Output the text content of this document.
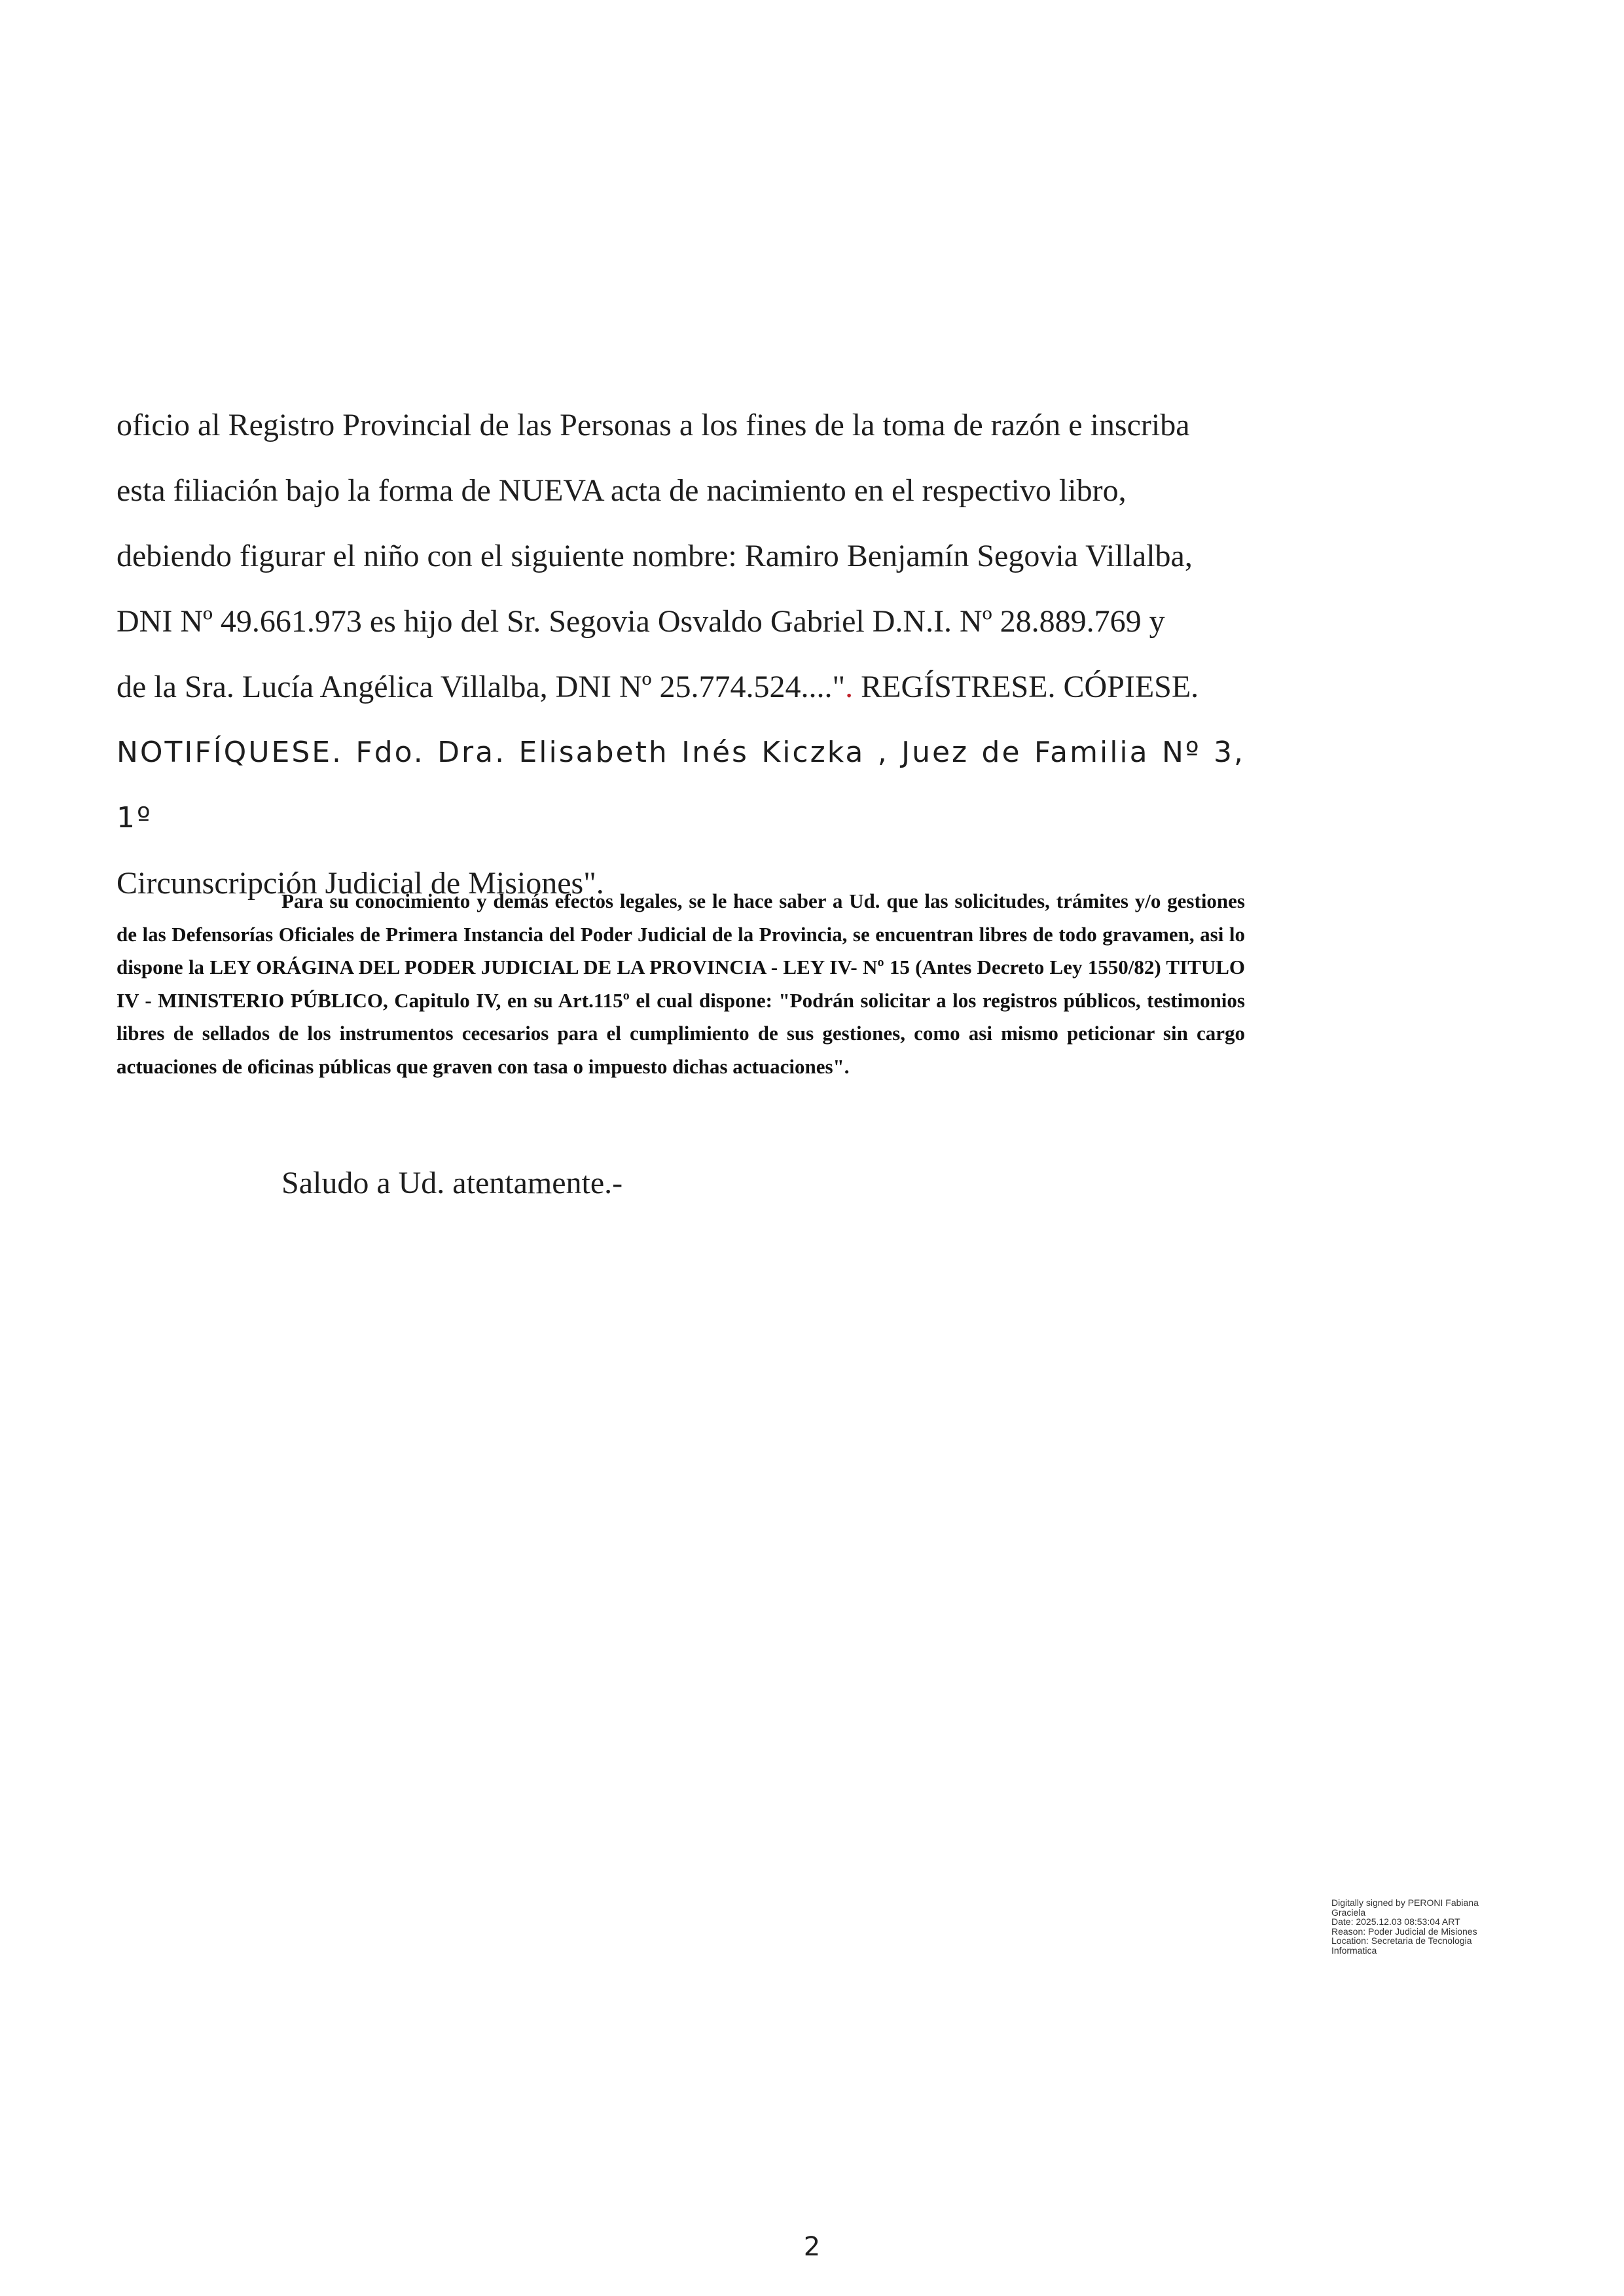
oficio al Registro Provincial de las Personas a los fines de la toma de razón e inscriba

esta filiación bajo la forma de NUEVA acta de nacimiento en el respectivo libro,

debiendo figurar el niño con el siguiente nombre: Ramiro Benjamín Segovia Villalba,

DNI Nº 49.661.973 es hijo del Sr. Segovia Osvaldo Gabriel D.N.I. Nº 28.889.769 y

de la Sra. Lucía Angélica Villalba, DNI Nº 25.774.524....". REGÍSTRESE. CÓPIESE.

NOTIFÍQUESE. Fdo. Dra. Elisabeth Inés Kiczka , Juez de Familia Nº 3, 1º

Circunscripción Judicial de Misiones".

Para su conocimiento y demás efectos legales, se le hace saber a Ud. que las solicitudes, trámites y/o gestiones de las Defensorías Oficiales de Primera Instancia del Poder Judicial de la Provincia, se encuentran libres de todo gravamen, asi lo dispone la LEY ORÁGINA DEL PODER JUDICIAL DE LA PROVINCIA - LEY IV- Nº 15 (Antes Decreto Ley 1550/82) TITULO IV - MINISTERIO PÚBLICO, Capitulo IV, en su Art.115º el cual dispone: "Podrán solicitar a los registros públicos, testimonios libres de sellados de los instrumentos cecesarios para el cumplimiento de sus gestiones, como asi mismo peticionar sin cargo actuaciones de oficinas públicas que graven con tasa o impuesto dichas actuaciones".

Saludo a Ud. atentamente.-
Digitally signed by PERONI Fabiana
Graciela
Date: 2025.12.03 08:53:04 ART
Reason: Poder Judicial de Misiones
Location: Secretaria de Tecnologia
Informatica
2
